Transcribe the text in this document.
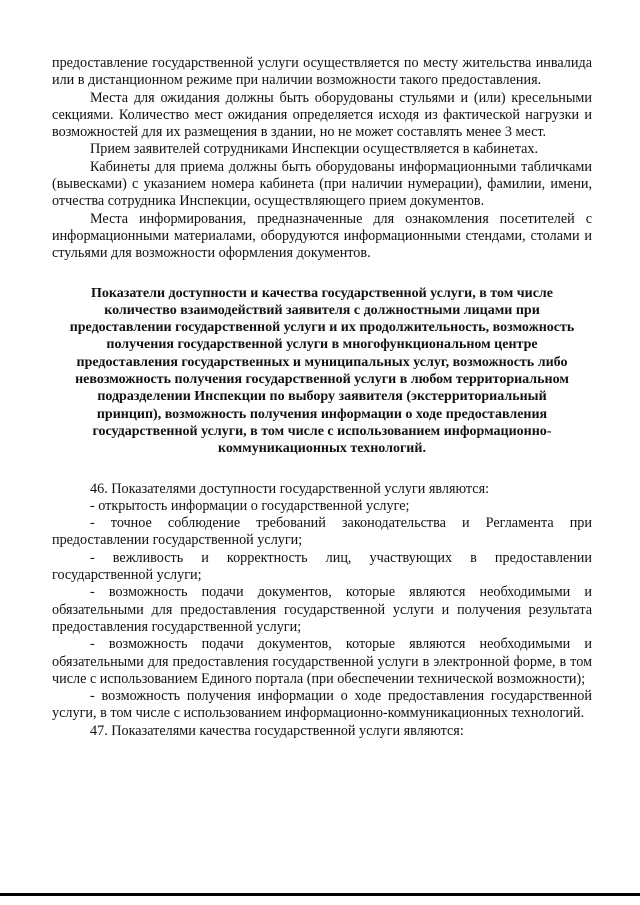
предоставление государственной услуги осуществляется по месту жительства инвалида или в дистанционном режиме при наличии возможности такого предоставления.

Места для ожидания должны быть оборудованы стульями и (или) кресельными секциями. Количество мест ожидания определяется исходя из фактической нагрузки и возможностей для их размещения в здании, но не может составлять менее 3 мест.

Прием заявителей сотрудниками Инспекции осуществляется в кабинетах.

Кабинеты для приема должны быть оборудованы информационными табличками (вывесками) с указанием номера кабинета (при наличии нумерации), фамилии, имени, отчества сотрудника Инспекции, осуществляющего прием документов.

Места информирования, предназначенные для ознакомления посетителей с информационными материалами, оборудуются информационными стендами, столами и стульями для возможности оформления документов.

Показатели доступности и качества государственной услуги, в том числе количество взаимодействий заявителя с должностными лицами при предоставлении государственной услуги и их продолжительность, возможность получения государственной услуги в многофункциональном центре предоставления государственных и муниципальных услуг, возможность либо невозможность получения государственной услуги в любом территориальном подразделении Инспекции по выбору заявителя (экстерриториальный принцип), возможность получения информации о ходе предоставления государственной услуги, в том числе с использованием информационно-коммуникационных технологий.

46. Показателями доступности государственной услуги являются:

- открытость информации о государственной услуге;

- точное соблюдение требований законодательства и Регламента при предоставлении государственной услуги;

- вежливость и корректность лиц, участвующих в предоставлении государственной услуги;

- возможность подачи документов, которые являются необходимыми и обязательными для предоставления государственной услуги и получения результата предоставления государственной услуги;

- возможность подачи документов, которые являются необходимыми и обязательными для предоставления государственной услуги в электронной форме, в том числе с использованием Единого портала (при обеспечении технической возможности);

- возможность получения информации о ходе предоставления государственной услуги, в том числе с использованием информационно-коммуникационных технологий.

47. Показателями качества государственной услуги являются:
